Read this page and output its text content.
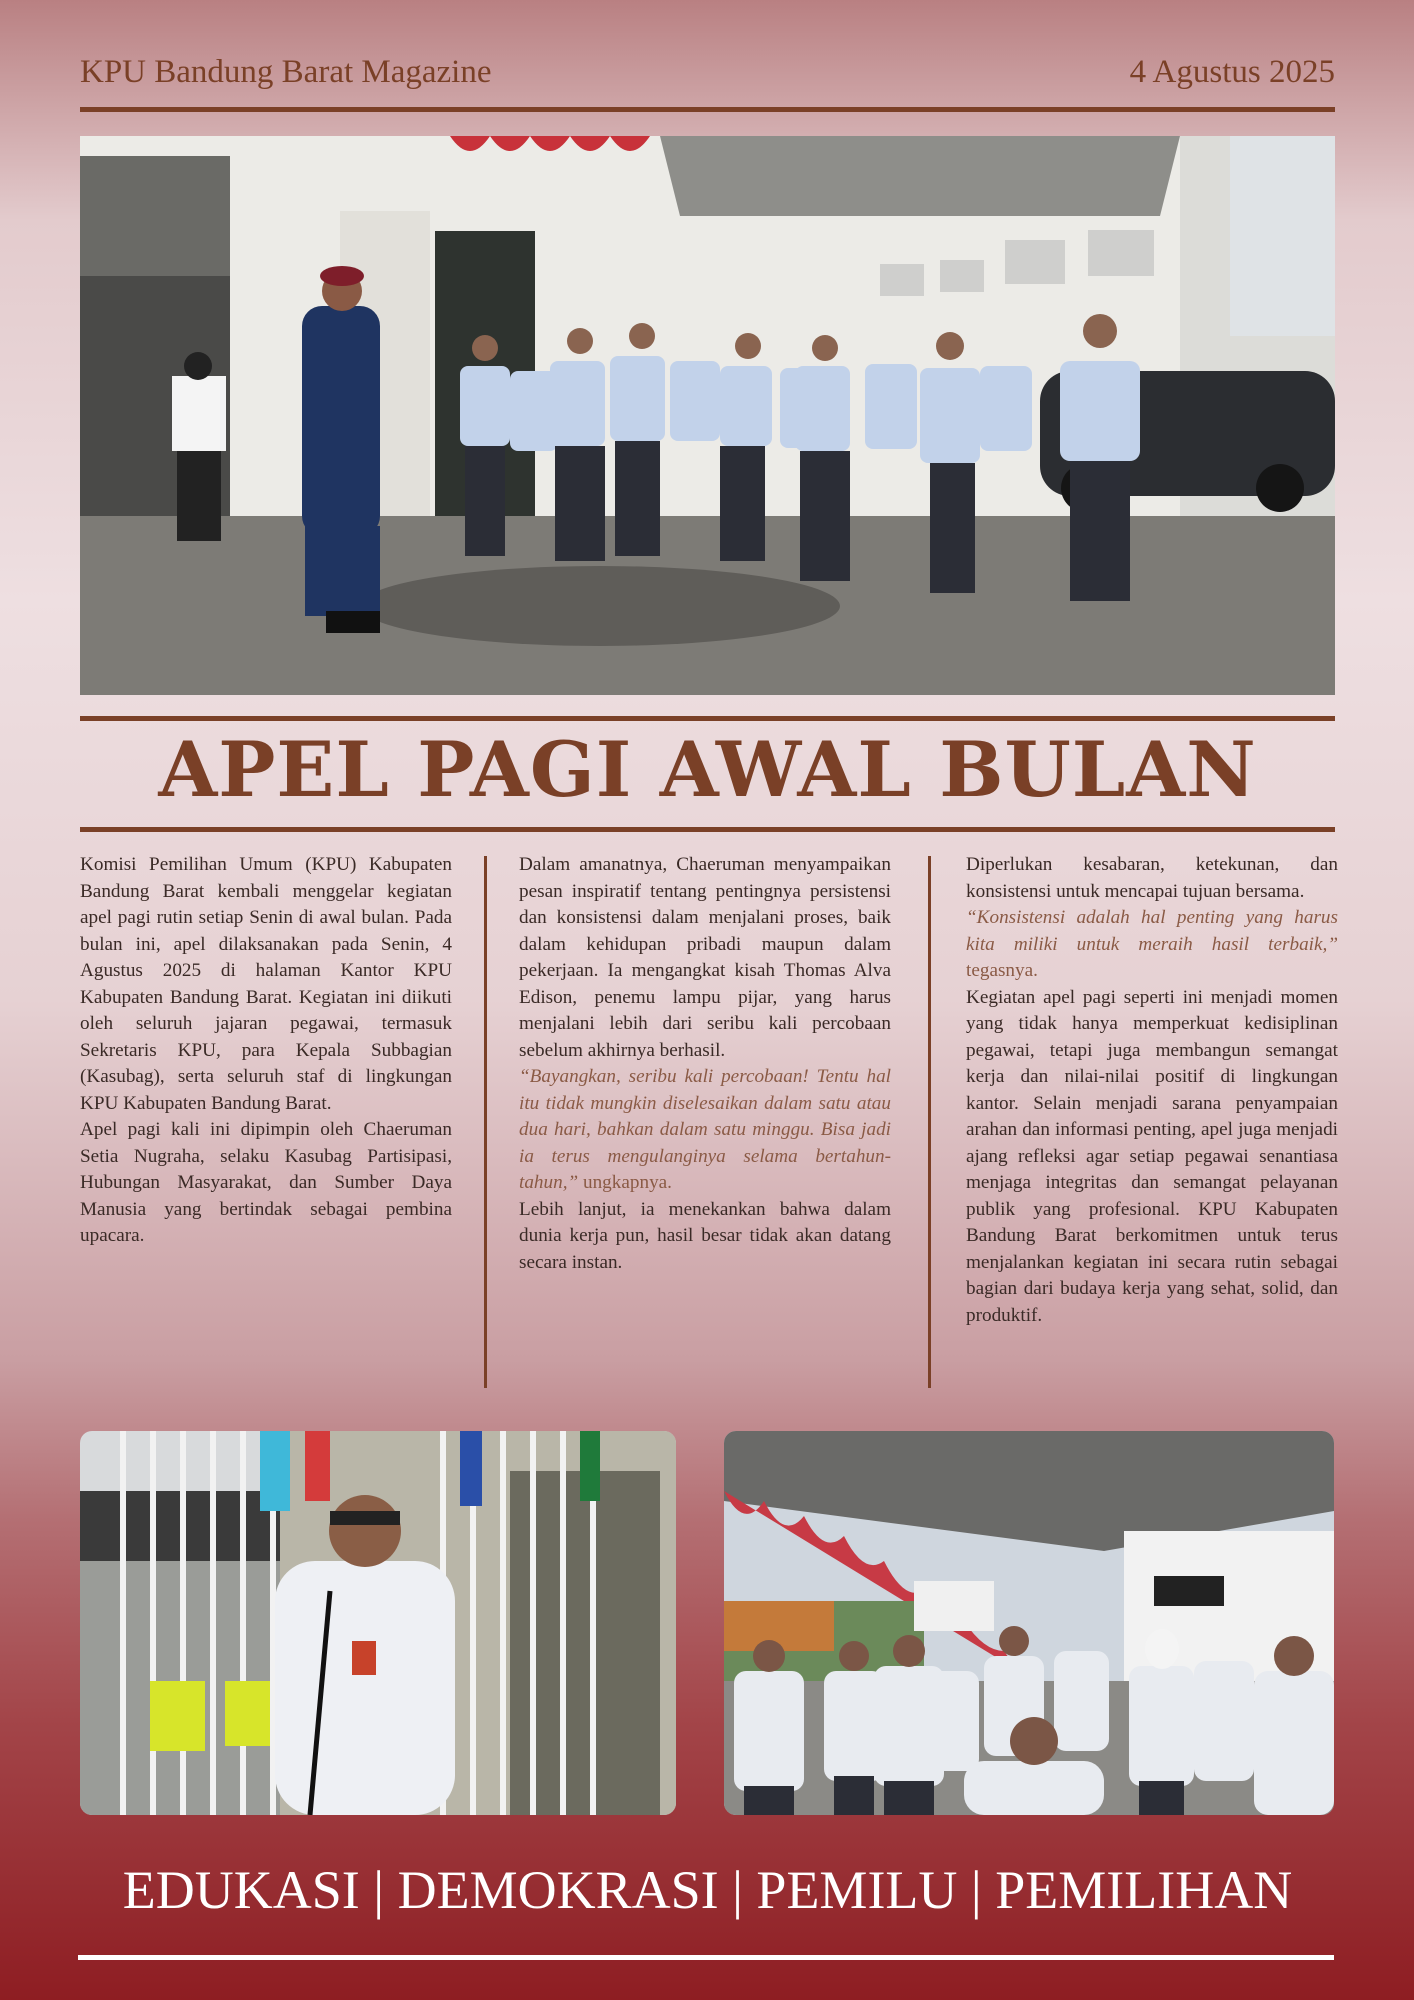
KPU Bandung Barat Magazine	4 Agustus 2025
APEL PAGI AWAL BULAN

Komisi Pemilihan Umum (KPU) Kabupaten Bandung Barat kembali menggelar kegiatan apel pagi rutin setiap Senin di awal bulan. Pada bulan ini, apel dilaksanakan pada Senin, 4 Agustus 2025 di halaman Kantor KPU Kabupaten Bandung Barat. Kegiatan ini diikuti oleh seluruh jajaran pegawai, termasuk Sekretaris KPU, para Kepala Subbagian (Kasubag), serta seluruh staf di lingkungan KPU Kabupaten Bandung Barat.

Apel pagi kali ini dipimpin oleh Chaeruman Setia Nugraha, selaku Kasubag Partisipasi, Hubungan Masyarakat, dan Sumber Daya Manusia yang bertindak sebagai pembina upacara.

Dalam amanatnya, Chaeruman menyampaikan pesan inspiratif tentang pentingnya persistensi dan konsistensi dalam menjalani proses, baik dalam kehidupan pribadi maupun dalam pekerjaan. Ia mengangkat kisah Thomas Alva Edison, penemu lampu pijar, yang harus menjalani lebih dari seribu kali percobaan sebelum akhirnya berhasil.

“Bayangkan, seribu kali percobaan! Tentu hal itu tidak mungkin diselesaikan dalam satu atau dua hari, bahkan dalam satu minggu. Bisa jadi ia terus mengulanginya selama bertahun-tahun,” ungkapnya.

Lebih lanjut, ia menekankan bahwa dalam dunia kerja pun, hasil besar tidak akan datang secara instan.

Diperlukan kesabaran, ketekunan, dan konsistensi untuk mencapai tujuan bersama.

“Konsistensi adalah hal penting yang harus kita miliki untuk meraih hasil terbaik,” tegasnya.

Kegiatan apel pagi seperti ini menjadi momen yang tidak hanya memperkuat kedisiplinan pegawai, tetapi juga membangun semangat kerja dan nilai-nilai positif di lingkungan kantor. Selain menjadi sarana penyampaian arahan dan informasi penting, apel juga menjadi ajang refleksi agar setiap pegawai senantiasa menjaga integritas dan semangat pelayanan publik yang profesional. KPU Kabupaten Bandung Barat berkomitmen untuk terus menjalankan kegiatan ini secara rutin sebagai bagian dari budaya kerja yang sehat, solid, dan produktif.

EDUKASI | DEMOKRASI | PEMILU | PEMILIHAN
